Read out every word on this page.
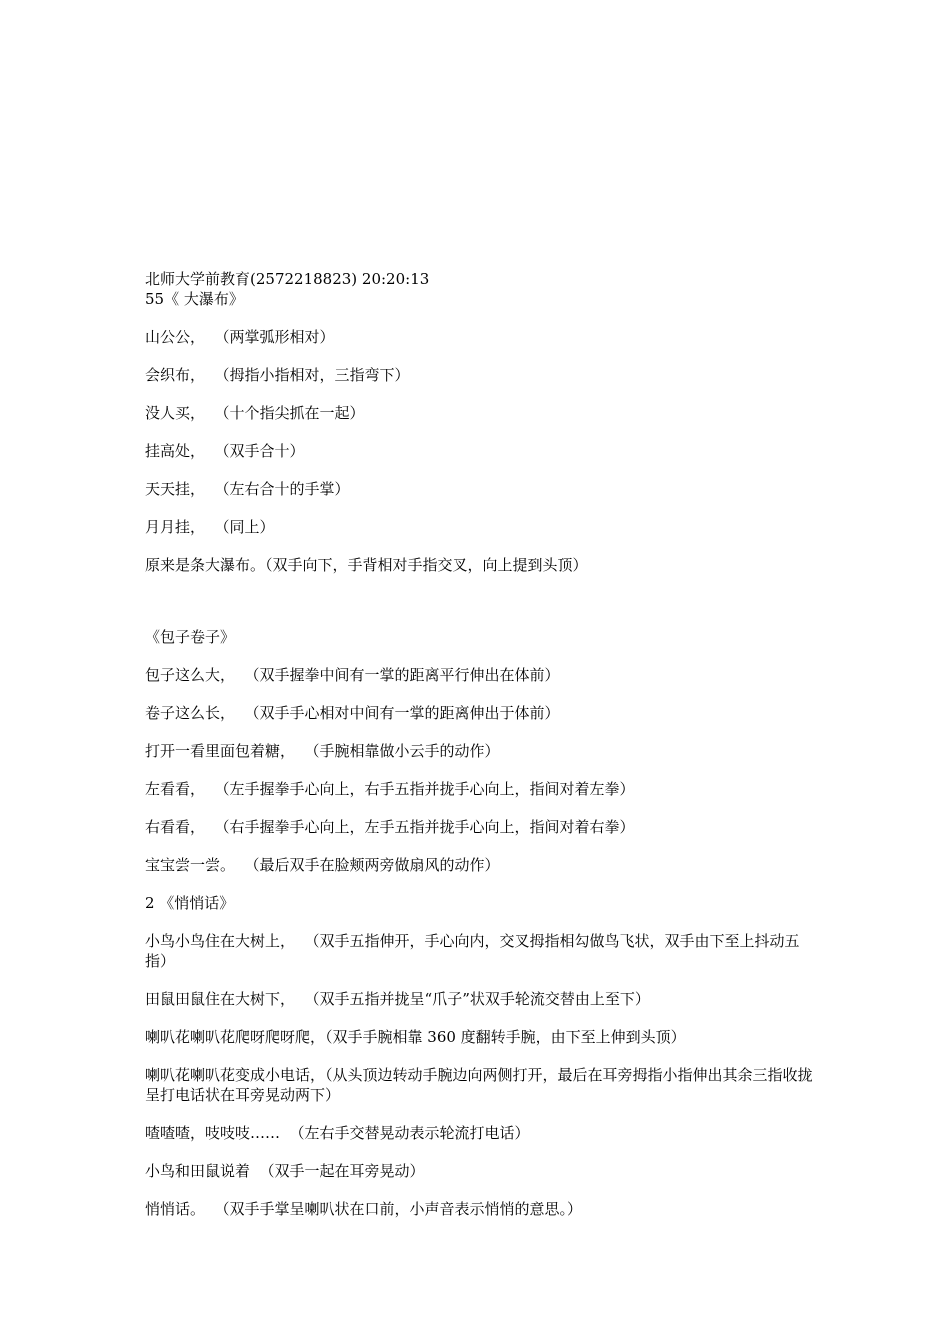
北师大学前教育(2572218823) 20:20:13

55《 大瀑布》

山公公，  （两掌弧形相对）

会织布，  （拇指小指相对，三指弯下）

没人买，  （十个指尖抓在一起）

挂高处，  （双手合十）

天天挂，  （左右合十的手掌）

月月挂，  （同上）

原来是条大瀑布。（双手向下，手背相对手指交叉，向上提到头顶）

《包子卷子》

包子这么大，  （双手握拳中间有一掌的距离平行伸出在体前）

卷子这么长，  （双手手心相对中间有一掌的距离伸出于体前）

打开一看里面包着糖，  （手腕相靠做小云手的动作）

左看看，  （左手握拳手心向上，右手五指并拢手心向上，指间对着左拳）

右看看，  （右手握拳手心向上，左手五指并拢手心向上，指间对着右拳）

宝宝尝一尝。  （最后双手在脸颊两旁做扇风的动作）

2 《悄悄话》

小鸟小鸟住在大树上，  （双手五指伸开，手心向内，交叉拇指相勾做鸟飞状，双手由下至上抖动五指）

田鼠田鼠住在大树下，  （双手五指并拢呈“爪子”状双手轮流交替由上至下）

喇叭花喇叭花爬呀爬呀爬，（双手手腕相靠 360 度翻转手腕，由下至上伸到头顶）

喇叭花喇叭花变成小电话，（从头顶边转动手腕边向两侧打开，最后在耳旁拇指小指伸出其余三指收拢呈打电话状在耳旁晃动两下）

喳喳喳，吱吱吱……  （左右手交替晃动表示轮流打电话）

小鸟和田鼠说着  （双手一起在耳旁晃动）

悄悄话。  （双手手掌呈喇叭状在口前，小声音表示悄悄的意思。）
